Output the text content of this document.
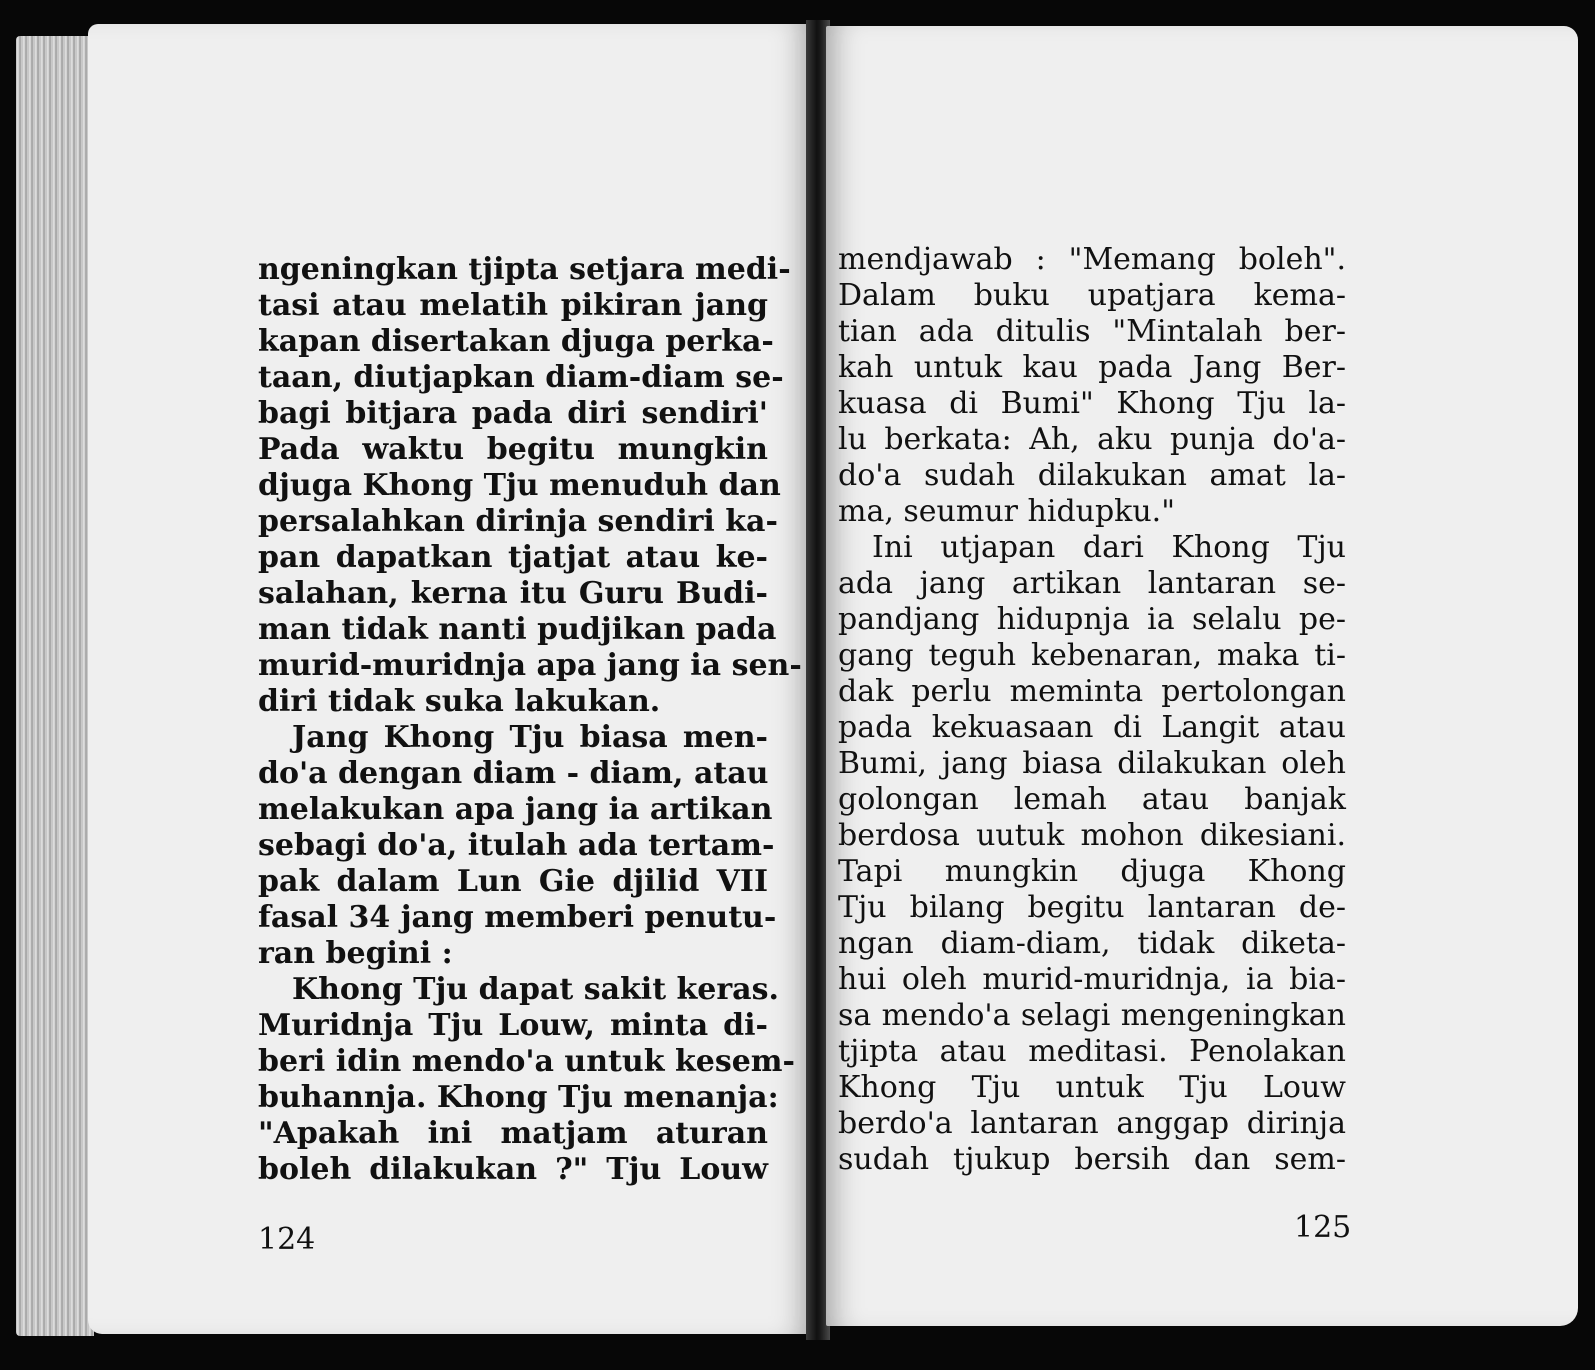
ngeningkan tjipta setjara medi-
tasi atau melatih pikiran jang
kapan disertakan djuga perka-
taan, diutjapkan diam-diam se-
bagi bitjara pada diri sendiri'
Pada waktu begitu mungkin
djuga Khong Tju menuduh dan
persalahkan dirinja sendiri ka-
pan dapatkan tjatjat atau ke-
salahan, kerna itu Guru Budi-
man tidak nanti pudjikan pada
murid-muridnja apa jang ia sen-
diri tidak suka lakukan.
Jang Khong Tju biasa men-
do'a dengan diam - diam, atau
melakukan apa jang ia artikan
sebagi do'a, itulah ada tertam-
pak dalam Lun Gie djilid VII
fasal 34 jang memberi penutu-
ran begini :
Khong Tju dapat sakit keras.
Muridnja Tju Louw, minta di-
beri idin mendo'a untuk kesem-
buhannja. Khong Tju menanja:
"Apakah ini matjam aturan
boleh dilakukan ?" Tju Louw
124
mendjawab : "Memang boleh".
Dalam buku upatjara kema-
tian ada ditulis "Mintalah ber-
kah untuk kau pada Jang Ber-
kuasa di Bumi" Khong Tju la-
lu berkata: Ah, aku punja do'a-
do'a sudah dilakukan amat la-
ma, seumur hidupku."
Ini utjapan dari Khong Tju
ada jang artikan lantaran se-
pandjang hidupnja ia selalu pe-
gang teguh kebenaran, maka ti-
dak perlu meminta pertolongan
pada kekuasaan di Langit atau
Bumi, jang biasa dilakukan oleh
golongan lemah atau banjak
berdosa uutuk mohon dikesiani.
Tapi mungkin djuga Khong
Tju bilang begitu lantaran de-
ngan diam-diam, tidak diketa-
hui oleh murid-muridnja, ia bia-
sa mendo'a selagi mengeningkan
tjipta atau meditasi. Penolakan
Khong Tju untuk Tju Louw
berdo'a lantaran anggap dirinja
sudah tjukup bersih dan sem-
125
